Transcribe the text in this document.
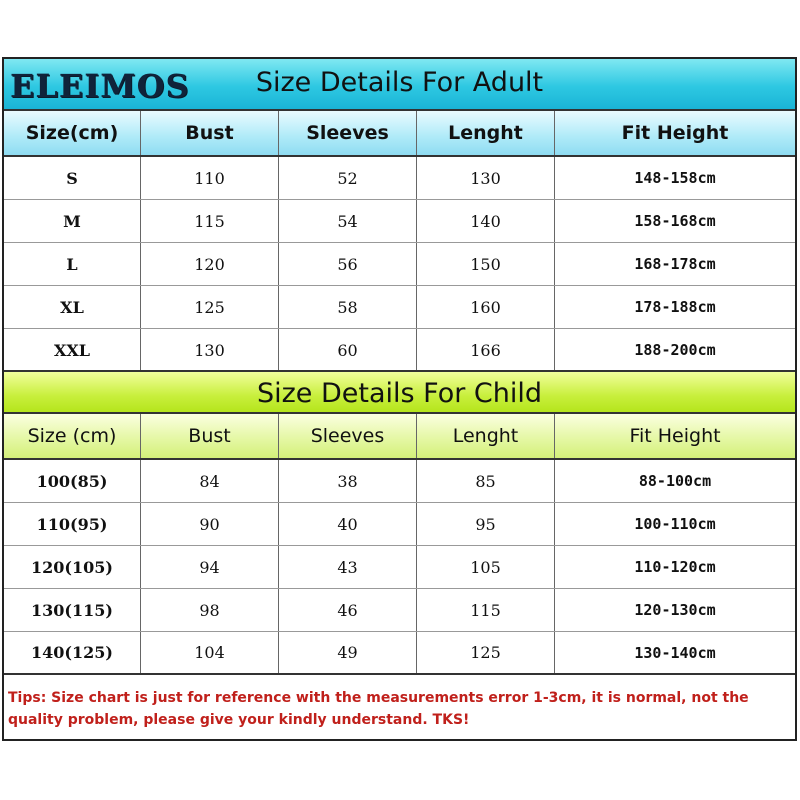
ELEIMOS	Size Details For Adult
Size(cm)	Bust	Sleeves	Lenght	Fit Height
S	110	52	130	148-158cm
M	115	54	140	158-168cm
L	120	56	150	168-178cm
XL	125	58	160	178-188cm
XXL	130	60	166	188-200cm
Size Details For Child
Size (cm)	Bust	Sleeves	Lenght	Fit Height
100(85)	84	38	85	88-100cm
110(95)	90	40	95	100-110cm
120(105)	94	43	105	110-120cm
130(115)	98	46	115	120-130cm
140(125)	104	49	125	130-140cm
Tips: Size chart is just for reference with the measurements error 1-3cm, it is normal, not the quality problem, please give your kindly understand. TKS!
